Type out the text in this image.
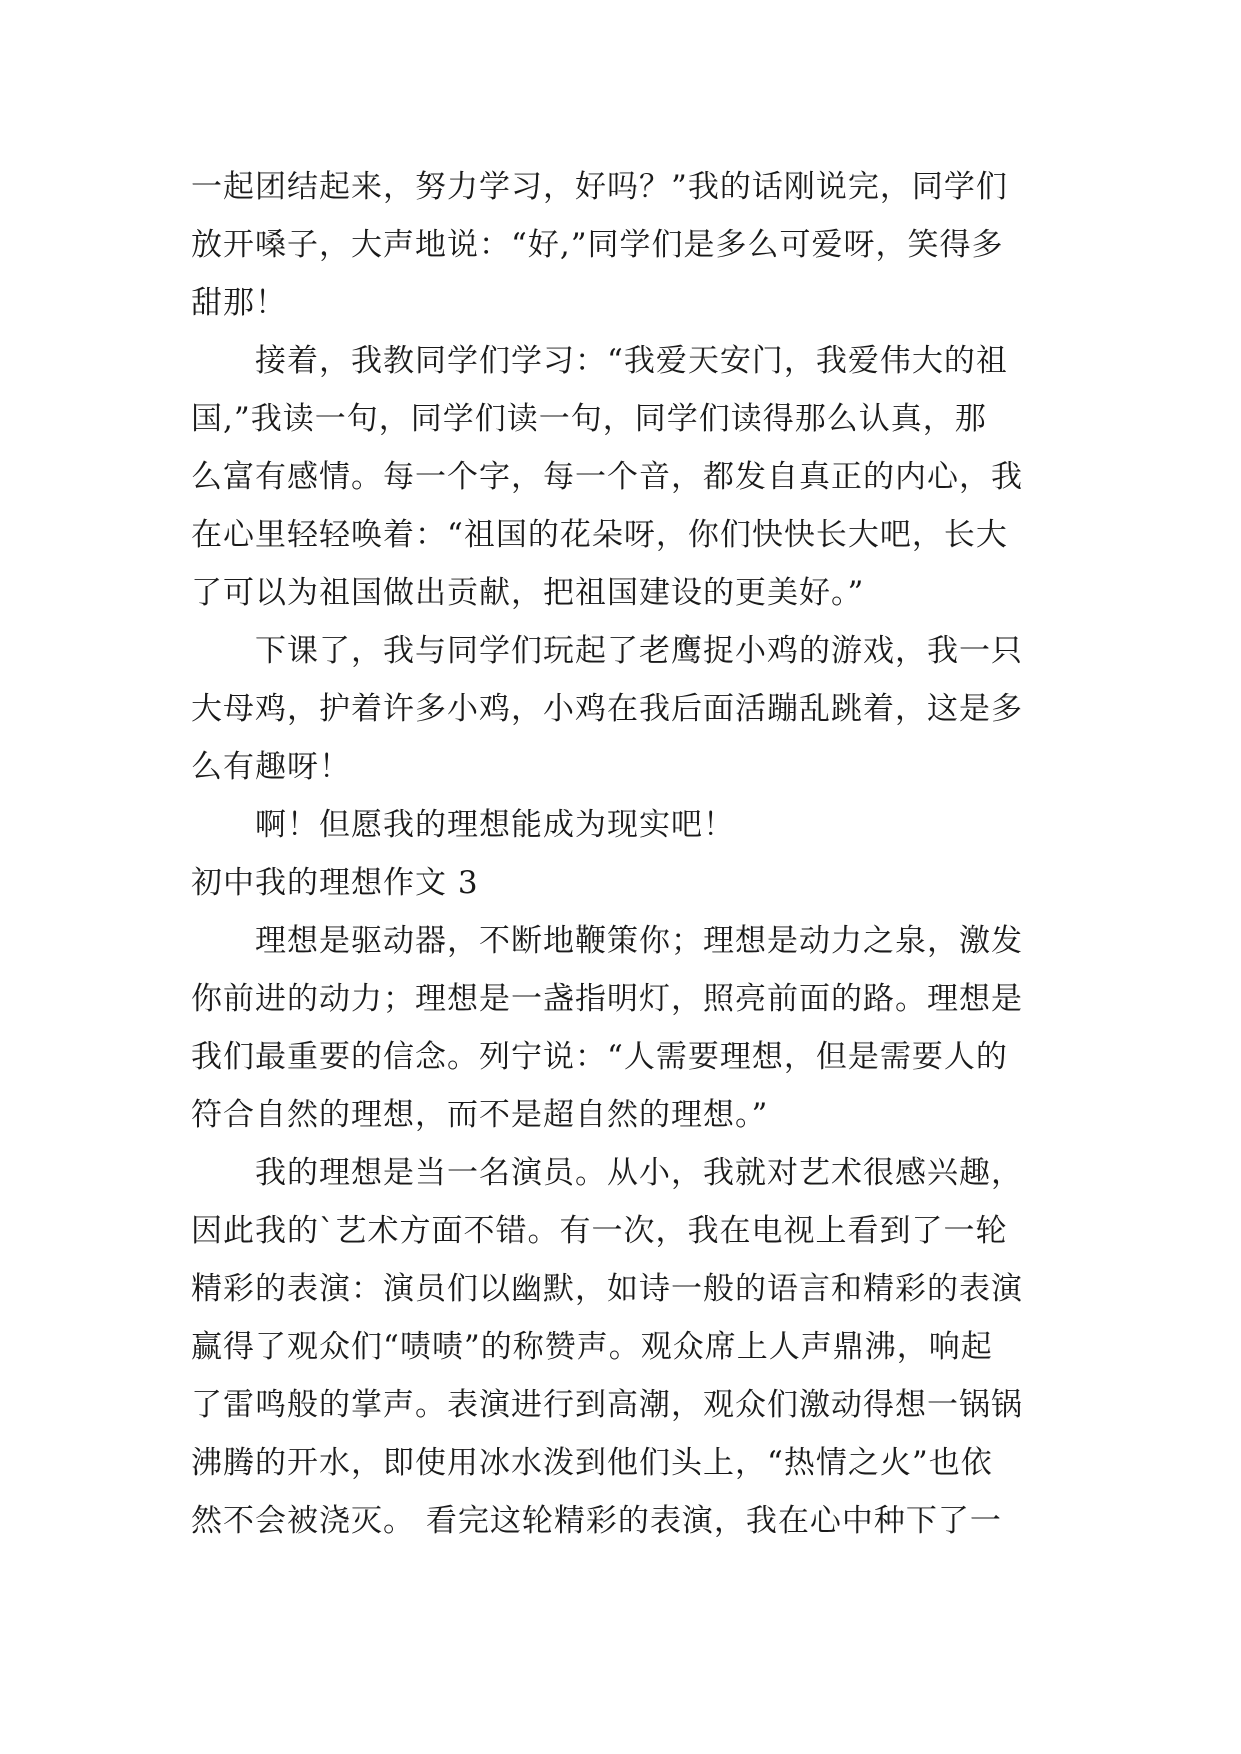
一起团结起来，努力学习，好吗？”我的话刚说完，同学们
放开嗓子，大声地说：“好,”同学们是多么可爱呀，笑得多
甜那！
接着，我教同学们学习：“我爱天安门，我爱伟大的祖
国,”我读一句，同学们读一句，同学们读得那么认真，那
么富有感情。每一个字，每一个音，都发自真正的内心，我
在心里轻轻唤着：“祖国的花朵呀，你们快快长大吧，长大
了可以为祖国做出贡献，把祖国建设的更美好。”
下课了，我与同学们玩起了老鹰捉小鸡的游戏，我一只
大母鸡，护着许多小鸡，小鸡在我后面活蹦乱跳着，这是多
么有趣呀！
啊！但愿我的理想能成为现实吧！
初中我的理想作文 3
理想是驱动器，不断地鞭策你；理想是动力之泉，激发
你前进的动力；理想是一盏指明灯，照亮前面的路。理想是
我们最重要的信念。列宁说：“人需要理想，但是需要人的
符合自然的理想，而不是超自然的理想。”
我的理想是当一名演员。从小，我就对艺术很感兴趣，
因此我的`艺术方面不错。有一次，我在电视上看到了一轮
精彩的表演：演员们以幽默，如诗一般的语言和精彩的表演
赢得了观众们“啧啧”的称赞声。观众席上人声鼎沸，响起
了雷鸣般的掌声。表演进行到高潮，观众们激动得想一锅锅
沸腾的开水，即使用冰水泼到他们头上，“热情之火”也依
然不会被浇灭。 看完这轮精彩的表演，我在心中种下了一
